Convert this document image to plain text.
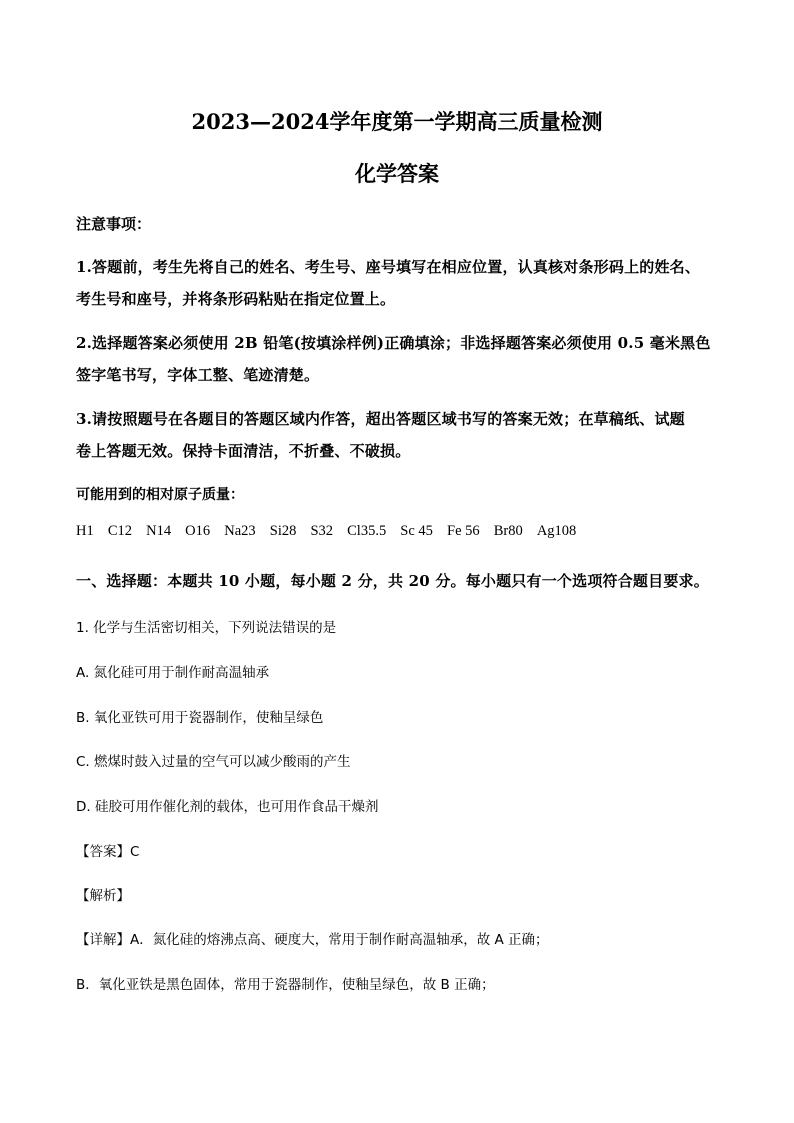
2023—2024学年度第一学期高三质量检测
化学答案
注意事项：
1.答题前，考生先将自己的姓名、考生号、座号填写在相应位置，认真核对条形码上的姓名、
考生号和座号，并将条形码粘贴在指定位置上。
2.选择题答案必须使用 2B 铅笔(按填涂样例)正确填涂；非选择题答案必须使用 0.5 毫米黑色
签字笔书写，字体工整、笔迹清楚。
3.请按照题号在各题目的答题区域内作答，超出答题区域书写的答案无效；在草稿纸、试题
卷上答题无效。保持卡面清洁，不折叠、不破损。
可能用到的相对原子质量：
H1 C12 N14 O16 Na23 Si28 S32 Cl35.5 Sc 45 Fe 56 Br80 Ag108
一、选择题：本题共 10 小题，每小题 2 分，共 20 分。每小题只有一个选项符合题目要求。
1. 化学与生活密切相关，下列说法错误的是
A. 氮化硅可用于制作耐高温轴承
B. 氧化亚铁可用于瓷器制作，使釉呈绿色
C. 燃煤时鼓入过量的空气可以减少酸雨的产生
D. 硅胶可用作催化剂的载体，也可用作食品干燥剂
【答案】C
【解析】
【详解】A．氮化硅的熔沸点高、硬度大，常用于制作耐高温轴承，故 A 正确；
B．氧化亚铁是黑色固体，常用于瓷器制作，使釉呈绿色，故 B 正确；
